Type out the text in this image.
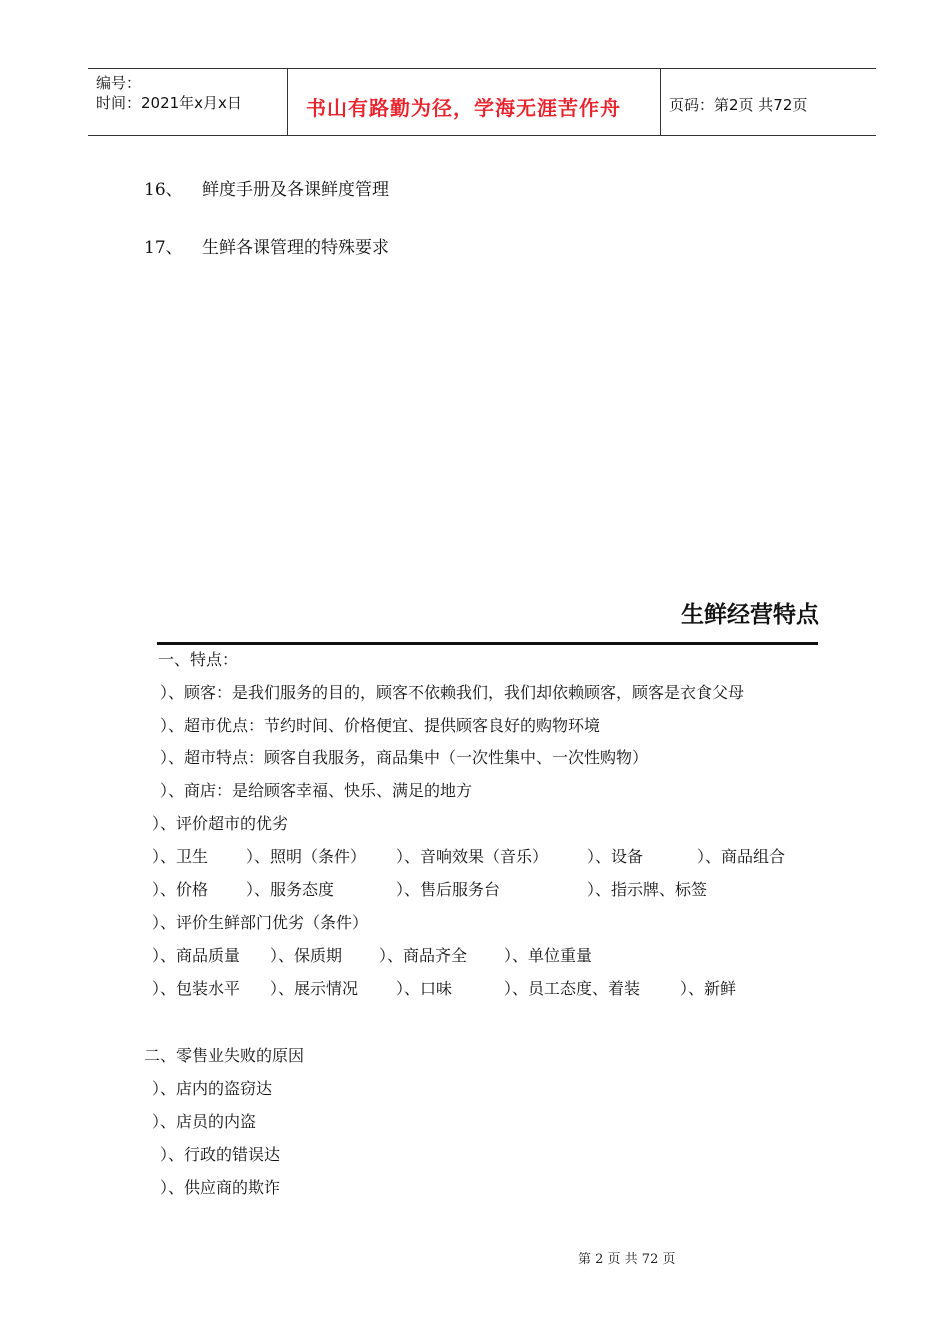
编号：
时间：2021年x月x日	书山有路勤为径，学海无涯苦作舟	页码：第2页 共72页
16、 鲜度手册及各课鲜度管理
17、 生鲜各课管理的特殊要求
生鲜经营特点
一、特点：
）、顾客：是我们服务的目的，顾客不依赖我们，我们却依赖顾客，顾客是衣食父母
）、超市优点：节约时间、价格便宜、提供顾客良好的购物环境
）、超市特点：顾客自我服务，商品集中（一次性集中、一次性购物）
）、商店：是给顾客幸福、快乐、满足的地方
）、评价超市的优劣
）、卫生 ）、照明（条件） ）、音响效果（音乐） ）、设备	）、商品组合
）、价格 ）、服务态度	）、售后服务台	）、指示牌、标签
）、评价生鲜部门优劣（条件）
）、商品质量 ）、保质期 ）、商品齐全 ）、单位重量
）、包装水平 ）、展示情况 ）、口味	）、员工态度、着装 ）、新鲜
二、零售业失败的原因
）、店内的盗窃达
）、店员的内盗
）、行政的错误达
）、供应商的欺诈
第 2 页 共 72 页
